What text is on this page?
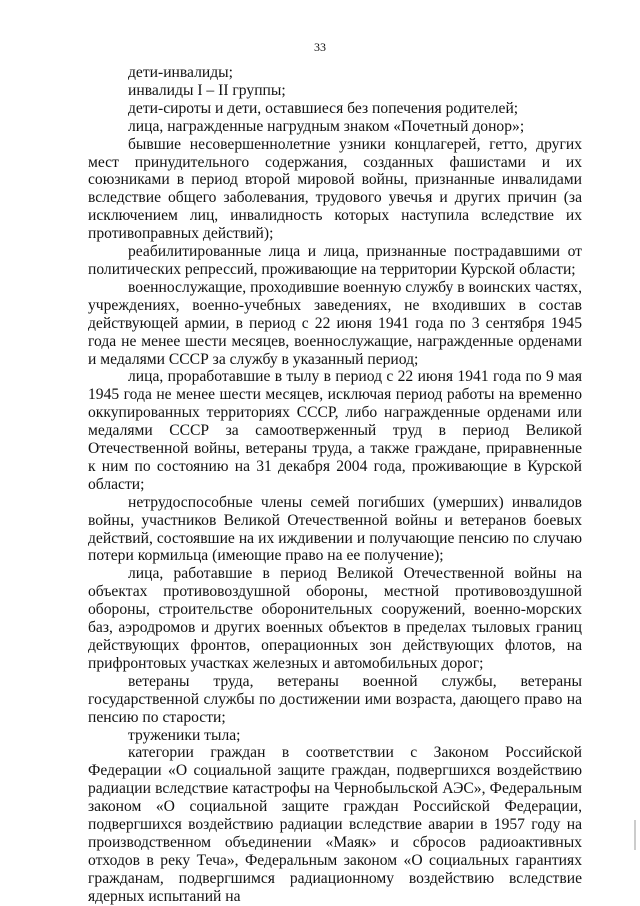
33

дети-инвалиды;

инвалиды I – II группы;

дети-сироты и дети, оставшиеся без попечения родителей;

лица, награжденные нагрудным знаком «Почетный донор»;

бывшие несовершеннолетние узники концлагерей, гетто, других мест принудительного содержания, созданных фашистами и их союзниками в период второй мировой войны, признанные инвалидами вследствие общего заболевания, трудового увечья и других причин (за исключением лиц, инвалидность которых наступила вследствие их противоправных действий);

реабилитированные лица и лица, признанные пострадавшими от политических репрессий, проживающие на территории Курской области;

военнослужащие, проходившие военную службу в воинских частях, учреждениях, военно-учебных заведениях, не входивших в состав действующей армии, в период с 22 июня 1941 года по 3 сентября 1945 года не менее шести месяцев, военнослужащие, награжденные орденами и медалями СССР за службу в указанный период;

лица, проработавшие в тылу в период с 22 июня 1941 года по 9 мая 1945 года не менее шести месяцев, исключая период работы на временно оккупированных территориях СССР, либо награжденные орденами или медалями СССР за самоотверженный труд в период Великой Отечественной войны, ветераны труда, а также граждане, приравненные к ним по состоянию на 31 декабря 2004 года, проживающие в Курской области;

нетрудоспособные члены семей погибших (умерших) инвалидов войны, участников Великой Отечественной войны и ветеранов боевых действий, состоявшие на их иждивении и получающие пенсию по случаю потери кормильца (имеющие право на ее получение);

лица, работавшие в период Великой Отечественной войны на объектах противовоздушной обороны, местной противовоздушной обороны, строительстве оборонительных сооружений, военно-морских баз, аэродромов и других военных объектов в пределах тыловых границ действующих фронтов, операционных зон действующих флотов, на прифронтовых участках железных и автомобильных дорог;

ветераны труда, ветераны военной службы, ветераны государственной службы по достижении ими возраста, дающего право на пенсию по старости;

труженики тыла;

категории граждан в соответствии с Законом Российской Федерации «О социальной защите граждан, подвергшихся воздействию радиации вследствие катастрофы на Чернобыльской АЭС», Федеральным законом «О социальной защите граждан Российской Федерации, подвергшихся воздействию радиации вследствие аварии в 1957 году на производственном объединении «Маяк» и сбросов радиоактивных отходов в реку Теча», Федеральным законом «О социальных гарантиях гражданам, подвергшимся радиационному воздействию вследствие ядерных испытаний на
